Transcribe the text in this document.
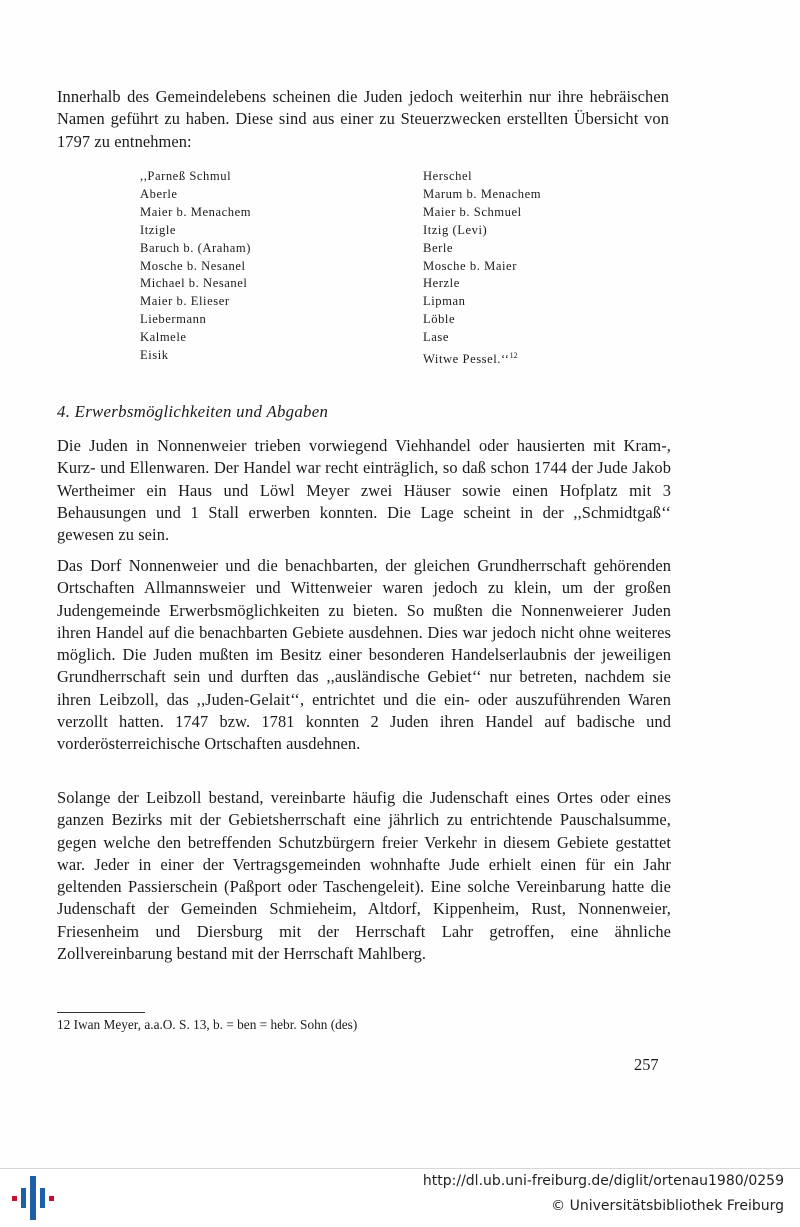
Innerhalb des Gemeindelebens scheinen die Juden jedoch weiterhin nur ihre hebräischen Namen geführt zu haben. Diese sind aus einer zu Steuerzwecken erstellten Übersicht von 1797 zu entnehmen:

,,Parneß Schmul
Aberle
Maier b. Menachem
Itzigle
Baruch b. (Araham)
Mosche b. Nesanel
Michael b. Nesanel
Maier b. Elieser
Liebermann
Kalmele
Eisik
Herschel
Marum b. Menachem
Maier b. Schmuel
Itzig (Levi)
Berle
Mosche b. Maier
Herzle
Lipman
Löble
Lase
Witwe Pessel.‘‘$^{12}$
4. Erwerbsmöglichkeiten und Abgaben

Die Juden in Nonnenweier trieben vorwiegend Viehhandel oder hausierten mit Kram-, Kurz- und Ellenwaren. Der Handel war recht einträglich, so daß schon 1744 der Jude Jakob Wertheimer ein Haus und Löwl Meyer zwei Häuser sowie einen Hofplatz mit 3 Behausungen und 1 Stall erwerben konnten. Die Lage scheint in der ,,Schmidtgaß‘‘ gewesen zu sein.

Das Dorf Nonnenweier und die benachbarten, der gleichen Grundherrschaft gehörenden Ortschaften Allmannsweier und Wittenweier waren jedoch zu klein, um der großen Judengemeinde Erwerbsmöglichkeiten zu bieten. So mußten die Nonnenweierer Juden ihren Handel auf die benachbarten Gebiete ausdehnen. Dies war jedoch nicht ohne weiteres möglich. Die Juden mußten im Besitz einer besonderen Handelserlaubnis der jeweiligen Grundherrschaft sein und durften das ,,ausländische Gebiet‘‘ nur betreten, nachdem sie ihren Leibzoll, das ,,Juden-Gelait‘‘, entrichtet und die ein- oder auszuführenden Waren verzollt hatten. 1747 bzw. 1781 konnten 2 Juden ihren Handel auf badische und vorderösterreichische Ortschaften ausdehnen.

Solange der Leibzoll bestand, vereinbarte häufig die Judenschaft eines Ortes oder eines ganzen Bezirks mit der Gebietsherrschaft eine jährlich zu entrichtende Pauschalsumme, gegen welche den betreffenden Schutzbürgern freier Verkehr in diesem Gebiete gestattet war. Jeder in einer der Vertragsgemeinden wohnhafte Jude erhielt einen für ein Jahr geltenden Passierschein (Paßport oder Taschengeleit). Eine solche Vereinbarung hatte die Judenschaft der Gemeinden Schmieheim, Altdorf, Kippenheim, Rust, Nonnenweier, Friesenheim und Diersburg mit der Herrschaft Lahr getroffen, eine ähnliche Zollvereinbarung bestand mit der Herrschaft Mahlberg.

12 Iwan Meyer, a.a.O. S. 13, b. = ben = hebr. Sohn (des)

257

http://dl.ub.uni-freiburg.de/diglit/ortenau1980/0259

© Universitätsbibliothek Freiburg
